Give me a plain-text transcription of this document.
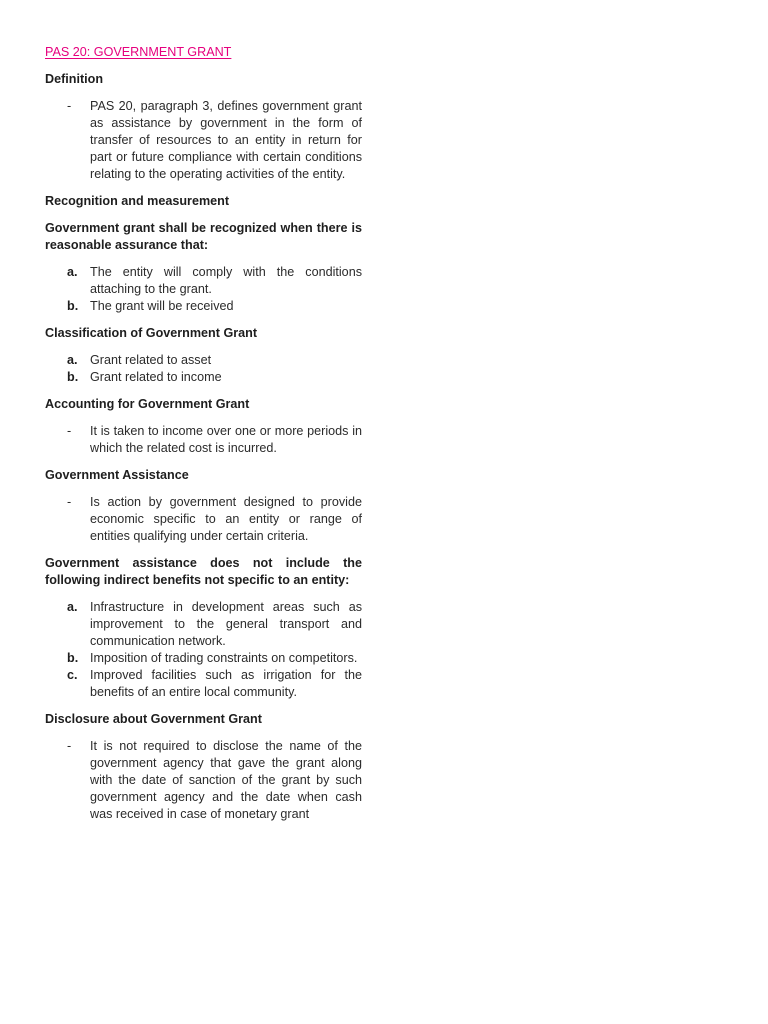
PAS 20: GOVERNMENT GRANT
Definition
-	PAS 20, paragraph 3, defines government grant as assistance by government in the form of transfer of resources to an entity in return for part or future compliance with certain conditions relating to the operating activities of the entity.
Recognition and measurement
Government grant shall be recognized when there is reasonable assurance that:
a. The entity will comply with the conditions attaching to the grant.
b. The grant will be received
Classification of Government Grant
a. Grant related to asset
b. Grant related to income
Accounting for Government Grant
-	It is taken to income over one or more periods in which the related cost is incurred.
Government Assistance
-	Is action by government designed to provide economic specific to an entity or range of entities qualifying under certain criteria.
Government assistance does not include the following indirect benefits not specific to an entity:
a. Infrastructure in development areas such as improvement to the general transport and communication network.
b. Imposition of trading constraints on competitors.
c. Improved facilities such as irrigation for the benefits of an entire local community.
Disclosure about Government Grant
-	It is not required to disclose the name of the government agency that gave the grant along with the date of sanction of the grant by such government agency and the date when cash was received in case of monetary grant
